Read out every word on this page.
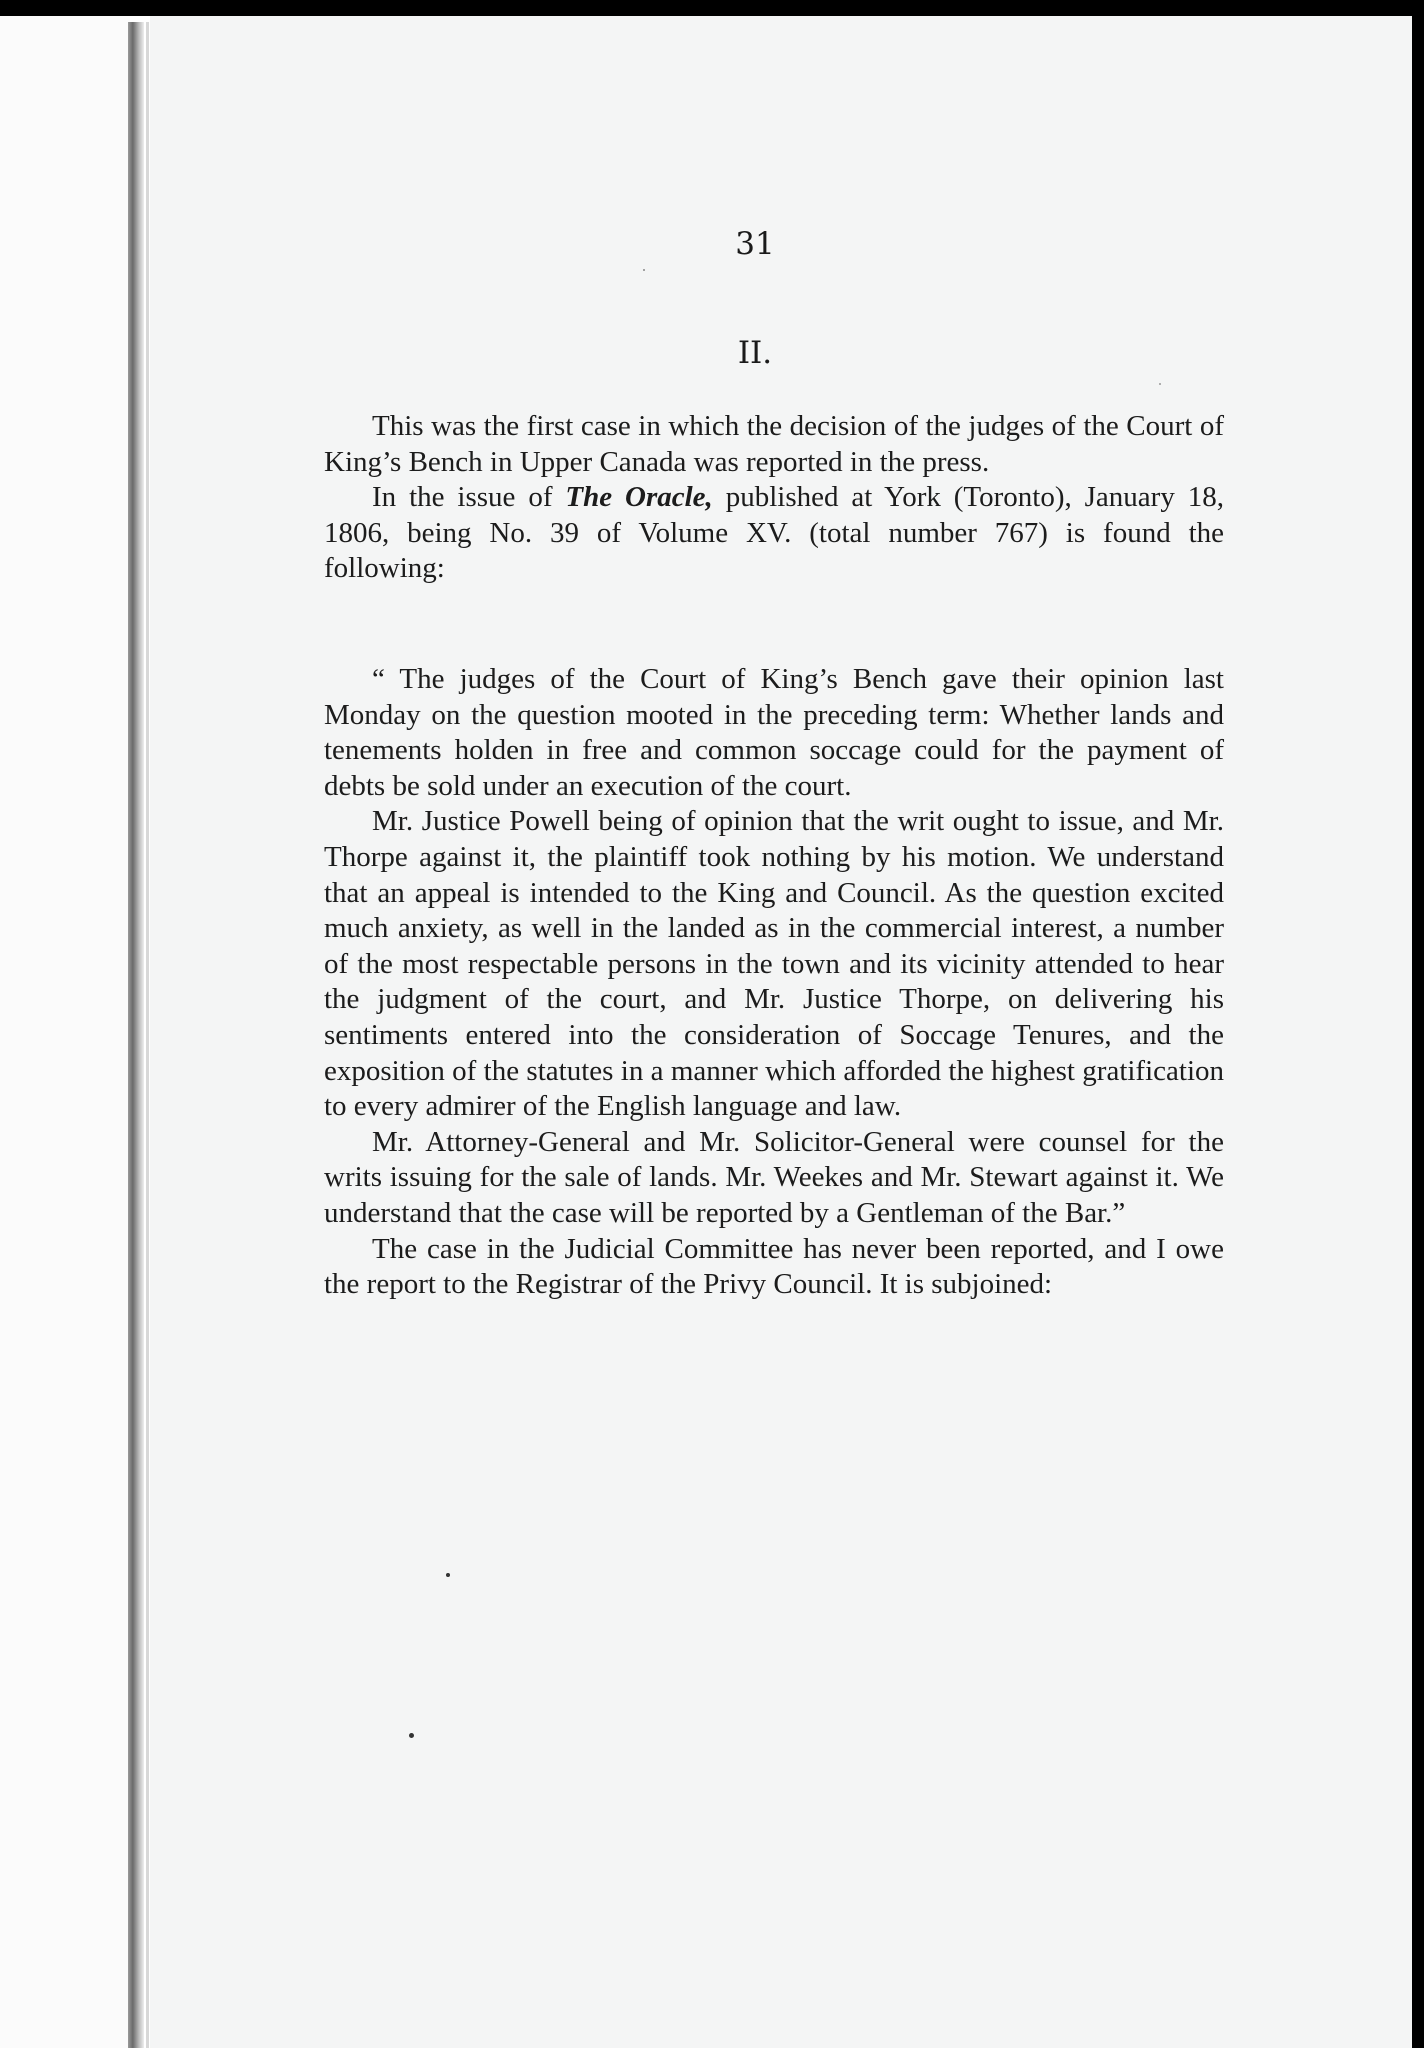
31
II.

This was the first case in which the decision of the judges of the Court of King’s Bench in Upper Canada was reported in the press.

In the issue of The Oracle, published at York (Toronto), January 18, 1806, being No. 39 of Volume XV. (total number 767) is found the following:

“ The judges of the Court of King’s Bench gave their opinion last Monday on the question mooted in the preceding term: Whether lands and tenements holden in free and common soccage could for the payment of debts be sold under an execution of the court.

Mr. Justice Powell being of opinion that the writ ought to issue, and Mr. Thorpe against it, the plaintiff took nothing by his motion. We understand that an appeal is intended to the King and Council. As the question excited much anxiety, as well in the landed as in the commercial interest, a number of the most respectable persons in the town and its vicinity attended to hear the judgment of the court, and Mr. Justice Thorpe, on delivering his sentiments entered into the consideration of Soccage Tenures, and the exposition of the statutes in a manner which afforded the highest gratification to every admirer of the English language and law.

Mr. Attorney-General and Mr. Solicitor-General were counsel for the writs issuing for the sale of lands. Mr. Weekes and Mr. Stewart against it. We understand that the case will be reported by a Gentleman of the Bar.”

The case in the Judicial Committee has never been reported, and I owe the report to the Registrar of the Privy Council. It is subjoined:
